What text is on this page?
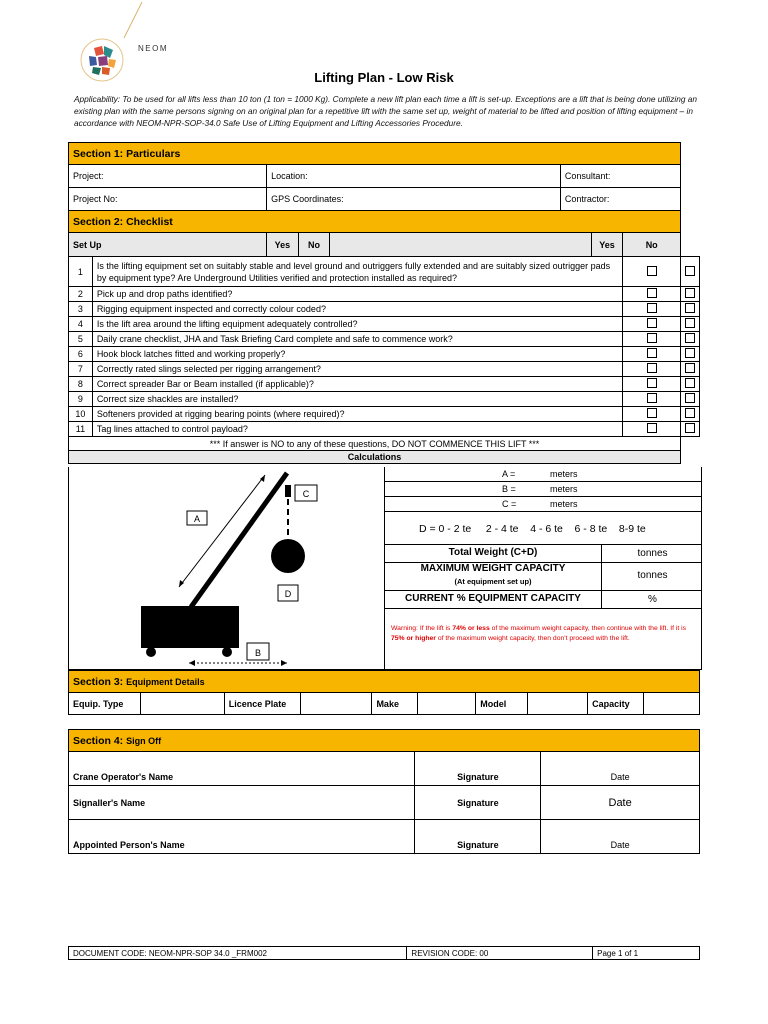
NEOM
Lifting Plan - Low Risk
Applicability: To be used for all lifts less than 10 ton (1 ton = 1000 Kg). Complete a new lift plan each time a lift is set-up. Exceptions are a lift that is being done utilizing an existing plan with the same persons signing on an original plan for a repetitive lift with the same set up, weight of material to be lifted and position of lifting equipment – in accordance with NEOM-NPR-SOP-34.0 Safe Use of Lifting Equipment and Lifting Accessories Procedure.
Section 1: Particulars								
Project:		Location:			Consultant:			
Project No:		GPS Coordinates:			Contractor:			
Section 2: Checklist								
Set Up		Yes	No			Yes	No	
1	Is the lifting equipment set on suitably stable and level ground and outriggers fully extended and are suitably sized outrigger pads by equipment type? Are Underground Utilities verified and protection installed as required?							
2	Pick up and drop paths identified?							
3	Rigging equipment inspected and correctly colour coded?							
4	Is the lift area around the lifting equipment adequately controlled?							
5	Daily crane checklist, JHA and Task Briefing Card complete and safe to commence work?							
6	Hook block latches fitted and working properly?							
7	Correctly rated slings selected per rigging arrangement?							
8	Correct spreader Bar or Beam installed (if applicable)?							
9	Correct size shackles are installed?							
10	Softeners provided at rigging bearing points (where required)?							
11	Tag lines attached to control payload?							
*** If answer is NO to any of these questions, DO NOT COMMENCE THIS LIFT ***								
Calculations								
A
C
D
B
A =	meters
B =	meters
C =	meters
D = 0 - 2 te 2 - 4 te 4 - 6 te 6 - 8 te 8-9 te
Total Weight (C+D)	tonnes
MAXIMUM WEIGHT CAPACITY
(At equipment set up)
tonnes
CURRENT % EQUIPMENT CAPACITY	%
Warning: If the lift is 74% or less of the maximum weight capacity, then continue with the lift. If it is 75% or higher of the maximum weight capacity, then don't proceed with the lift.
Section 3: Equipment Details
Equip. Type		Licence Plate		Make		Model		Capacity	
Section 4: Sign Off		
Crane Operator's Name	Signature	Date
Signaller's Name	Signature	Date
Appointed Person's Name	Signature	Date
DOCUMENT CODE: NEOM-NPR-SOP 34.0 _FRM002	REVISION CODE: 00	Page 1 of 1
